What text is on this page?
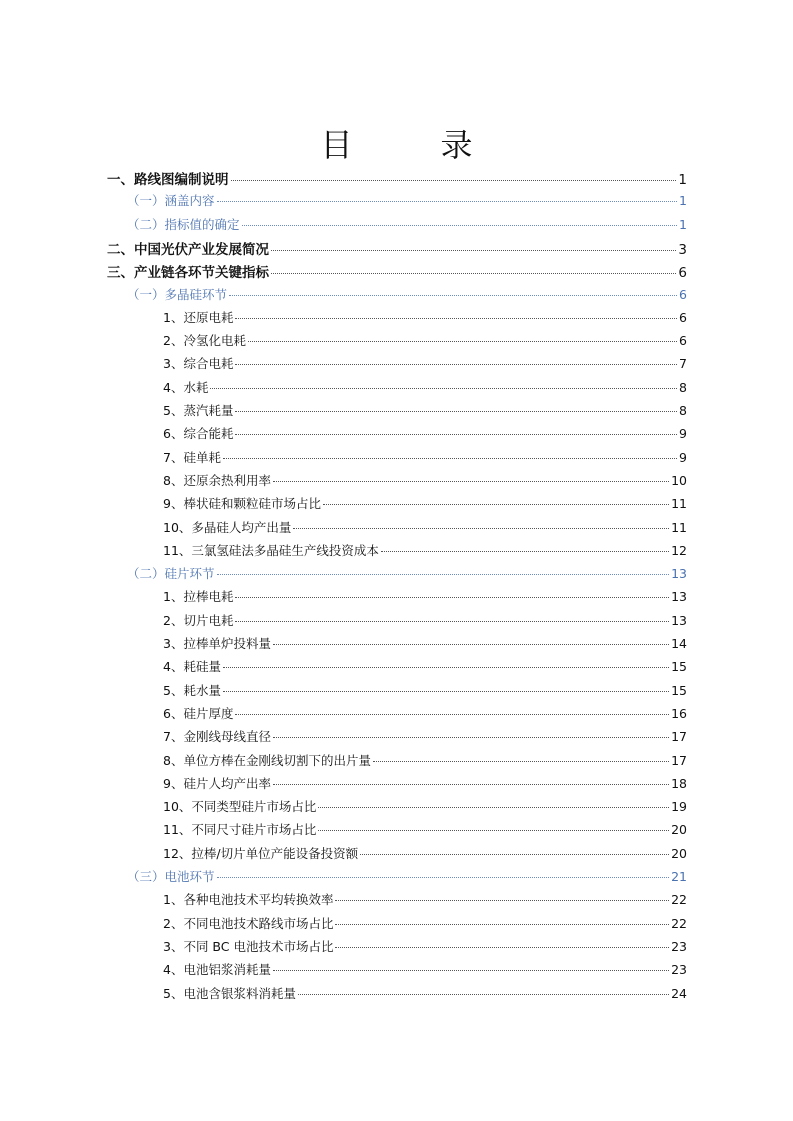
目　录
一、路线图编制说明	1
（一）涵盖内容	1
（二）指标值的确定	1
二、中国光伏产业发展简况	3
三、产业链各环节关键指标	6
（一）多晶硅环节	6
1、还原电耗	6
2、冷氢化电耗	6
3、综合电耗	7
4、水耗	8
5、蒸汽耗量	8
6、综合能耗	9
7、硅单耗	9
8、还原余热利用率	10
9、棒状硅和颗粒硅市场占比	11
10、多晶硅人均产出量	11
11、三氯氢硅法多晶硅生产线投资成本	12
（二）硅片环节	13
1、拉棒电耗	13
2、切片电耗	13
3、拉棒单炉投料量	14
4、耗硅量	15
5、耗水量	15
6、硅片厚度	16
7、金刚线母线直径	17
8、单位方棒在金刚线切割下的出片量	17
9、硅片人均产出率	18
10、不同类型硅片市场占比	19
11、不同尺寸硅片市场占比	20
12、拉棒/切片单位产能设备投资额	20
（三）电池环节	21
1、各种电池技术平均转换效率	22
2、不同电池技术路线市场占比	22
3、不同 BC 电池技术市场占比	23
4、电池铝浆消耗量	23
5、电池含银浆料消耗量	24
